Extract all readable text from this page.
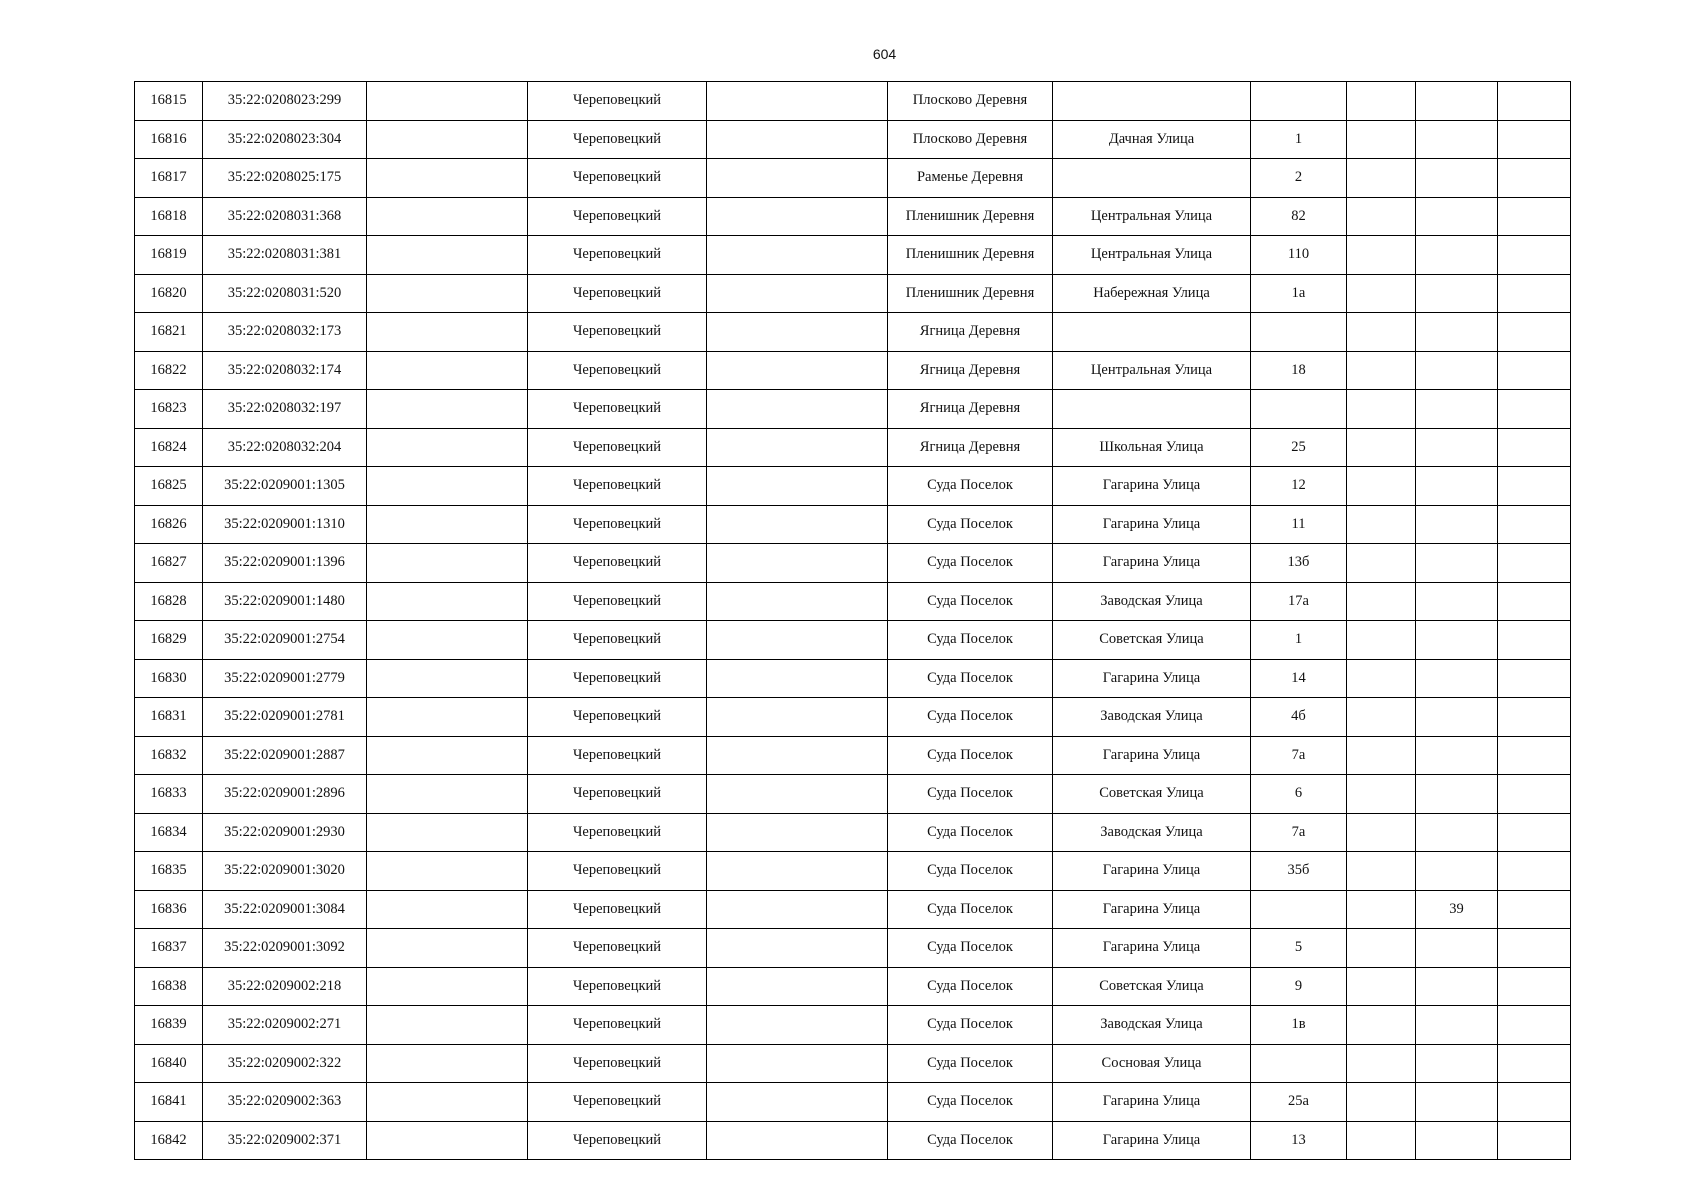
604
16815	35:22:0208023:299		Череповецкий		Плосково Деревня					
16816	35:22:0208023:304		Череповецкий		Плосково Деревня	Дачная Улица	1			
16817	35:22:0208025:175		Череповецкий		Раменье Деревня		2			
16818	35:22:0208031:368		Череповецкий		Пленишник Деревня	Центральная Улица	82			
16819	35:22:0208031:381		Череповецкий		Пленишник Деревня	Центральная Улица	110			
16820	35:22:0208031:520		Череповецкий		Пленишник Деревня	Набережная Улица	1а			
16821	35:22:0208032:173		Череповецкий		Ягница Деревня					
16822	35:22:0208032:174		Череповецкий		Ягница Деревня	Центральная Улица	18			
16823	35:22:0208032:197		Череповецкий		Ягница Деревня					
16824	35:22:0208032:204		Череповецкий		Ягница Деревня	Школьная Улица	25			
16825	35:22:0209001:1305		Череповецкий		Суда Поселок	Гагарина Улица	12			
16826	35:22:0209001:1310		Череповецкий		Суда Поселок	Гагарина Улица	11			
16827	35:22:0209001:1396		Череповецкий		Суда Поселок	Гагарина Улица	13б			
16828	35:22:0209001:1480		Череповецкий		Суда Поселок	Заводская Улица	17а			
16829	35:22:0209001:2754		Череповецкий		Суда Поселок	Советская Улица	1			
16830	35:22:0209001:2779		Череповецкий		Суда Поселок	Гагарина Улица	14			
16831	35:22:0209001:2781		Череповецкий		Суда Поселок	Заводская Улица	4б			
16832	35:22:0209001:2887		Череповецкий		Суда Поселок	Гагарина Улица	7а			
16833	35:22:0209001:2896		Череповецкий		Суда Поселок	Советская Улица	6			
16834	35:22:0209001:2930		Череповецкий		Суда Поселок	Заводская Улица	7а			
16835	35:22:0209001:3020		Череповецкий		Суда Поселок	Гагарина Улица	35б			
16836	35:22:0209001:3084		Череповецкий		Суда Поселок	Гагарина Улица			39	
16837	35:22:0209001:3092		Череповецкий		Суда Поселок	Гагарина Улица	5			
16838	35:22:0209002:218		Череповецкий		Суда Поселок	Советская Улица	9			
16839	35:22:0209002:271		Череповецкий		Суда Поселок	Заводская Улица	1в			
16840	35:22:0209002:322		Череповецкий		Суда Поселок	Сосновая Улица				
16841	35:22:0209002:363		Череповецкий		Суда Поселок	Гагарина Улица	25а			
16842	35:22:0209002:371		Череповецкий		Суда Поселок	Гагарина Улица	13			
